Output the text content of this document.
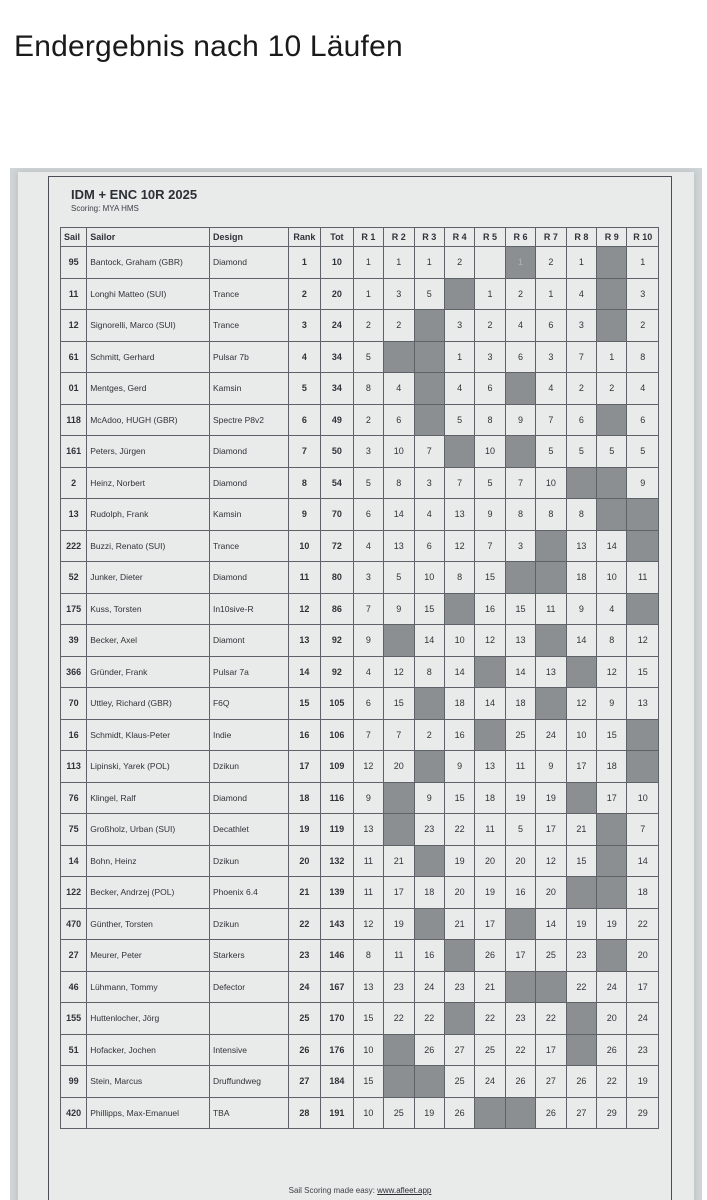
Endergebnis nach 10 Läufen
IDM + ENC 10R 2025
Scoring: MYA HMS
Sail	Sailor	Design	Rank	Tot	R 1	R 2	R 3	R 4	R 5	R 6	R 7	R 8	R 9	R 10
95	Bantock, Graham (GBR)	Diamond	1	10	1	1	1	2		1	2	1		1
11	Longhi Matteo (SUI)	Trance	2	20	1	3	5		1	2	1	4		3
12	Signorelli, Marco (SUI)	Trance	3	24	2	2		3	2	4	6	3		2
61	Schmitt, Gerhard	Pulsar 7b	4	34	5			1	3	6	3	7	1	8
01	Mentges, Gerd	Kamsin	5	34	8	4		4	6		4	2	2	4
118	McAdoo, HUGH (GBR)	Spectre P8v2	6	49	2	6		5	8	9	7	6		6
161	Peters, Jürgen	Diamond	7	50	3	10	7		10		5	5	5	5
2	Heinz, Norbert	Diamond	8	54	5	8	3	7	5	7	10			9
13	Rudolph, Frank	Kamsin	9	70	6	14	4	13	9	8	8	8		
222	Buzzi, Renato (SUI)	Trance	10	72	4	13	6	12	7	3		13	14	
52	Junker, Dieter	Diamond	11	80	3	5	10	8	15			18	10	11
175	Kuss, Torsten	In10sive-R	12	86	7	9	15		16	15	11	9	4	
39	Becker, Axel	Diamont	13	92	9		14	10	12	13		14	8	12
366	Gründer, Frank	Pulsar 7a	14	92	4	12	8	14		14	13		12	15
70	Uttley, Richard (GBR)	F6Q	15	105	6	15		18	14	18		12	9	13
16	Schmidt, Klaus-Peter	Indie	16	106	7	7	2	16		25	24	10	15	
113	Lipinski, Yarek (POL)	Dzikun	17	109	12	20		9	13	11	9	17	18	
76	Klingel, Ralf	Diamond	18	116	9		9	15	18	19	19		17	10
75	Großholz, Urban (SUI)	Decathlet	19	119	13		23	22	11	5	17	21		7
14	Bohn, Heinz	Dzikun	20	132	11	21		19	20	20	12	15		14
122	Becker, Andrzej (POL)	Phoenix 6.4	21	139	11	17	18	20	19	16	20			18
470	Günther, Torsten	Dzikun	22	143	12	19		21	17		14	19	19	22
27	Meurer, Peter	Starkers	23	146	8	11	16		26	17	25	23		20
46	Lühmann, Tommy	Defector	24	167	13	23	24	23	21			22	24	17
155	Huttenlocher, Jörg		25	170	15	22	22		22	23	22		20	24
51	Hofacker, Jochen	Intensive	26	176	10		26	27	25	22	17		26	23
99	Stein, Marcus	Druffundweg	27	184	15			25	24	26	27	26	22	19
420	Phillipps, Max-Emanuel	TBA	28	191	10	25	19	26			26	27	29	29
Sail Scoring made easy: www.afleet.app
